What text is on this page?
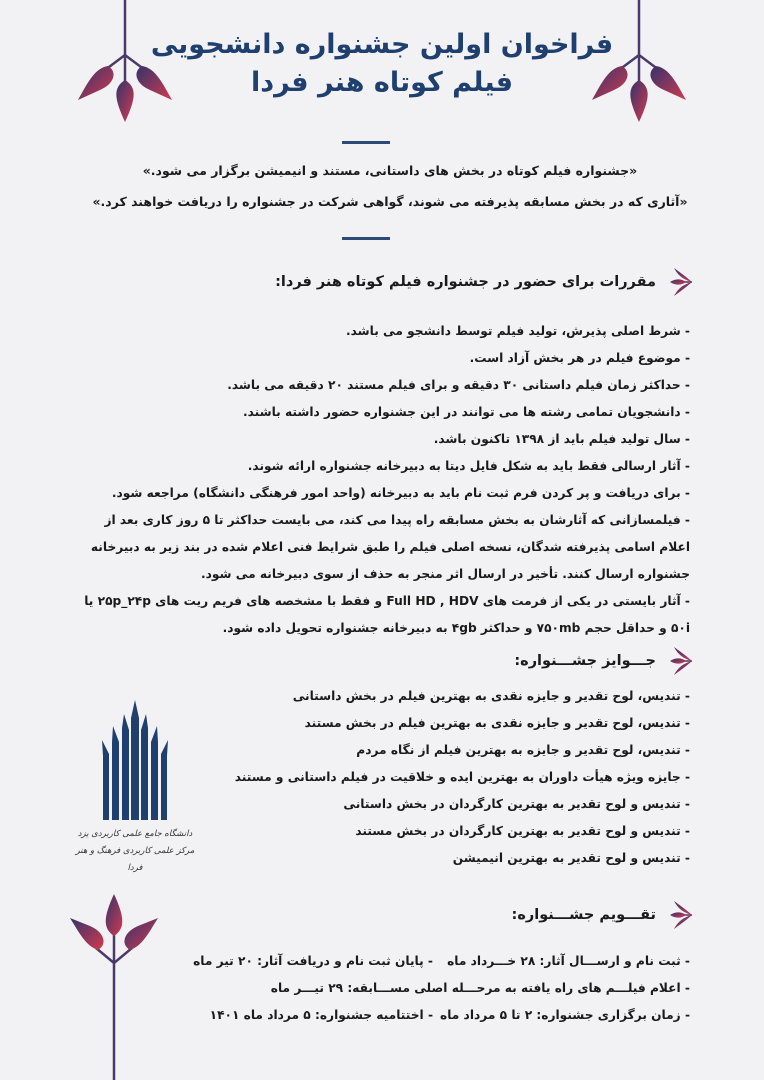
فراخوان اولین جشنواره دانشجویی
فیلم کوتاه هنر فردا
«جشنواره فیلم کوتاه در بخش های داستانی، مستند و انیمیشن برگزار می شود.»
«آثاری که در بخش مسابقه پذیرفته می شوند، گواهی شرکت در جشنواره را دریافت خواهند کرد.»
مقررات برای حضور در جشنواره فیلم کوتاه هنر فردا:
- شرط اصلی پذیرش، تولید فیلم توسط دانشجو می باشد.
- موضوع فیلم در هر بخش آزاد است.
- حداکثر زمان فیلم داستانی ۳۰ دقیقه و برای فیلم مستند ۲۰ دقیقه می باشد.
- دانشجویان تمامی رشته ها می توانند در این جشنواره حضور داشته باشند.
- سال تولید فیلم باید از ۱۳۹۸ تاکنون باشد.
- آثار ارسالی فقط باید به شکل فایل دیتا به دبیرخانه جشنواره ارائه شوند.
- برای دریافت و پر کردن فرم ثبت نام باید به دبیرخانه (واحد امور فرهنگی دانشگاه) مراجعه شود.
- فیلمسازانی که آثارشان به بخش مسابقه راه پیدا می کند، می بایست حداکثر تا ۵ روز کاری بعد از اعلام اسامی پذیرفته شدگان، نسخه اصلی فیلم را طبق شرایط فنی اعلام شده در بند زیر به دبیرخانه جشنواره ارسال کنند. تأخیر در ارسال اثر منجر به حذف از سوی دبیرخانه می شود.
- آثار بایستی در یکی از فرمت های Full HD , HDV و فقط با مشخصه های فریم ریت های ۲۵p_۲۴p یا ۵۰i و حداقل حجم ۷۵۰mb و حداکثر ۴gb به دبیرخانه جشنواره تحویل داده شود.
جـــوایز جشـــنواره:
- تندیس، لوح تقدیر و جایزه نقدی به بهترین فیلم در بخش داستانی
- تندیس، لوح تقدیر و جایزه نقدی به بهترین فیلم در بخش مستند
- تندیس، لوح تقدیر و جایزه به بهترین فیلم از نگاه مردم
- جایزه ویژه هیأت داوران به بهترین ایده و خلاقیت در فیلم داستانی و مستند
- تندیس و لوح تقدیر به بهترین کارگردان در بخش داستانی
- تندیس و لوح تقدیر به بهترین کارگردان در بخش مستند
- تندیس و لوح تقدیر به بهترین انیمیشن
دانشگاه جامع علمی کاربردی یزد
مرکز علمی کاربردی فرهنگ و هنر فردا
تقـــویم جشـــنواره:
- ثبت نام و ارســـال آثار: ۲۸ خـــرداد ماه
- پایان ثبت نام و دریافت آثار: ۲۰ تیر ماه
- اعلام فیلـــم های راه یافته به مرحـــله اصلی مســـابقه: ۲۹ تیـــر ماه
- زمان برگزاری جشنواره: ۲ تا ۵ مرداد ماه
- اختتامیه جشنواره: ۵ مرداد ماه ۱۴۰۱
